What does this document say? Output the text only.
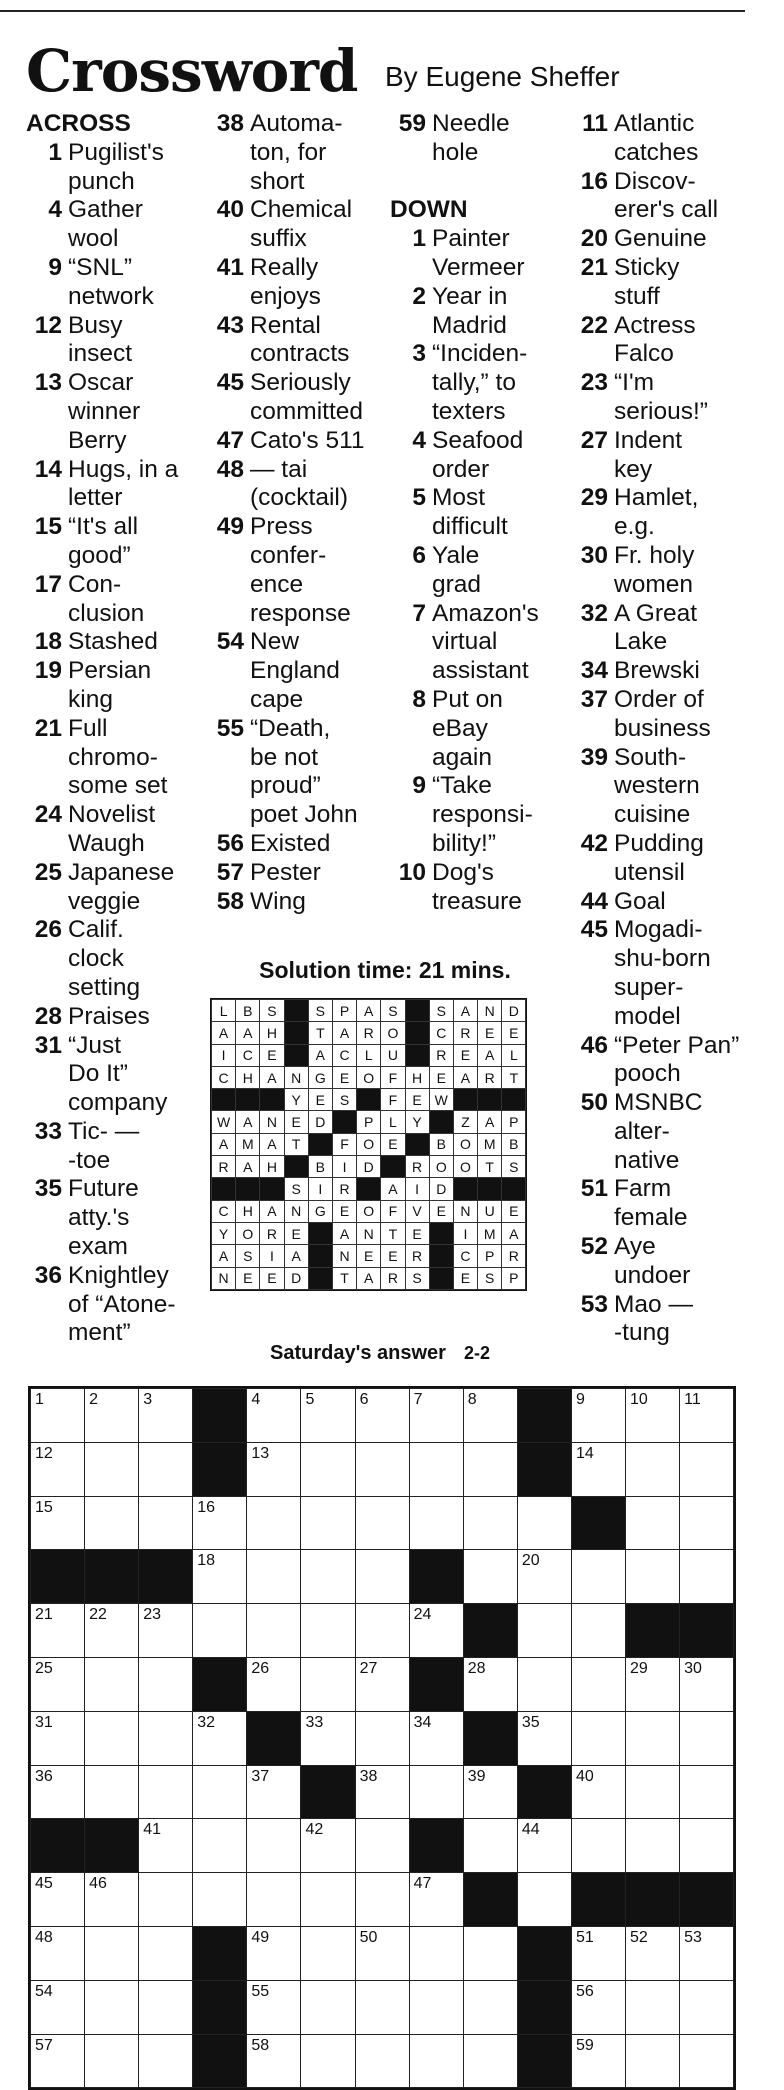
Crossword By Eugene Sheffer
ACROSS
1 Pugilist's
punch
4 Gather
wool
9 “SNL”
network
12 Busy
insect
13 Oscar
winner
Berry
14 Hugs, in a
letter
15 “It's all
good”
17 Con-
clusion
18 Stashed
19 Persian
king
21 Full
chromo-
some set
24 Novelist
Waugh
25 Japanese
veggie
26 Calif.
clock
setting
28 Praises
31 “Just
Do It”
company
33 Tic- —
-toe
35 Future
atty.'s
exam
36 Knightley
of “Atone-
ment”
38 Automa-
ton, for
short
40 Chemical
suffix
41 Really
enjoys
43 Rental
contracts
45 Seriously
committed
47 Cato's 511
48 — tai
(cocktail)
49 Press
confer-
ence
response
54 New
England
cape
55 “Death,
be not
proud”
poet John
56 Existed
57 Pester
58 Wing
59 Needle
hole
DOWN
1 Painter
Vermeer
2 Year in
Madrid
3 “Inciden-
tally,” to
texters
4 Seafood
order
5 Most
difficult
6 Yale
grad
7 Amazon's
virtual
assistant
8 Put on
eBay
again
9 “Take
responsi-
bility!”
10 Dog's
treasure
11 Atlantic
catches
16 Discov-
erer's call
20 Genuine
21 Sticky
stuff
22 Actress
Falco
23 “I'm
serious!”
27 Indent
key
29 Hamlet,
e.g.
30 Fr. holy
women
32 A Great
Lake
34 Brewski
37 Order of
business
39 South-
western
cuisine
42 Pudding
utensil
44 Goal
45 Mogadi-
shu-born
super-
model
46 “Peter Pan”
pooch
50 MSNBC
alter-
native
51 Farm
female
52 Aye
undoer
53 Mao —
-tung
Solution time: 21 mins.
L	B	S		S	P	A	S		S	A	N	D
A	A	H		T	A	R	O		C	R	E	E
I	C	E		A	C	L	U		R	E	A	L
C	H	A	N	G	E	O	F	H	E	A	R	T
			Y	E	S		F	E	W			
W	A	N	E	D		P	L	Y		Z	A	P
A	M	A	T		F	O	E		B	O	M	B
R	A	H		B	I	D		R	O	O	T	S
			S	I	R		A	I	D			
C	H	A	N	G	E	O	F	V	E	N	U	E
Y	O	R	E		A	N	T	E		I	M	A
A	S	I	A		N	E	E	R		C	P	R
N	E	E	D		T	A	R	S		E	S	P
Saturday's answer 2-2
1	2	3		4	5	6	7	8		9	10	11

12				13						14		

15			16									

			18						20			

21	22	23					24					

25				26		27		28			29	30

31			32		33		34		35			

36				37		38		39		40		

		41			42				44			

45	46						47					

48				49		50				51	52	53

54				55						56		

57				58						59		
